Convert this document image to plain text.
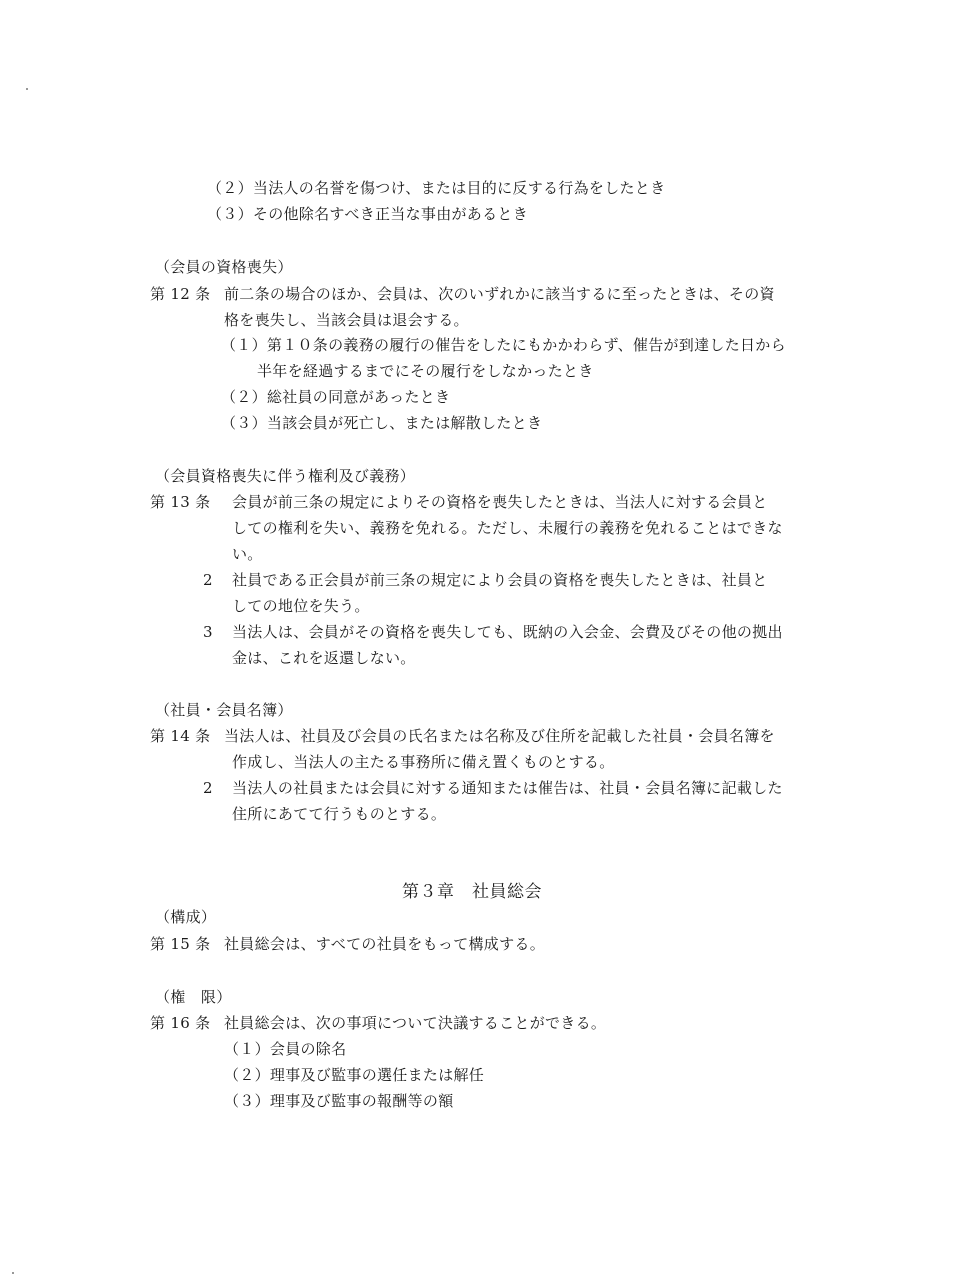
（２）当法人の名誉を傷つけ、または目的に反する行為をしたとき
（３）その他除名すべき正当な事由があるとき
（会員の資格喪失）
第 12 条 前二条の場合のほか、会員は、次のいずれかに該当するに至ったときは、その資
格を喪失し、当該会員は退会する。
（１）第１０条の義務の履行の催告をしたにもかかわらず、催告が到達した日から
半年を経過するまでにその履行をしなかったとき
（２）総社員の同意があったとき
（３）当該会員が死亡し、または解散したとき
（会員資格喪失に伴う権利及び義務）
第 13 条 会員が前三条の規定によりその資格を喪失したときは、当法人に対する会員と
しての権利を失い、義務を免れる。ただし、未履行の義務を免れることはできな
い。
2 社員である正会員が前三条の規定により会員の資格を喪失したときは、社員と
しての地位を失う。
3 当法人は、会員がその資格を喪失しても、既納の入会金、会費及びその他の拠出
金は、これを返還しない。
（社員・会員名簿）
第 14 条 当法人は、社員及び会員の氏名または名称及び住所を記載した社員・会員名簿を
作成し、当法人の主たる事務所に備え置くものとする。
2 当法人の社員または会員に対する通知または催告は、社員・会員名簿に記載した
住所にあてて行うものとする。
第３章　社員総会
（構成）
第 15 条 社員総会は、すべての社員をもって構成する。
（権　限）
第 16 条 社員総会は、次の事項について決議することができる。
（１）会員の除名
（２）理事及び監事の選任または解任
（３）理事及び監事の報酬等の額
